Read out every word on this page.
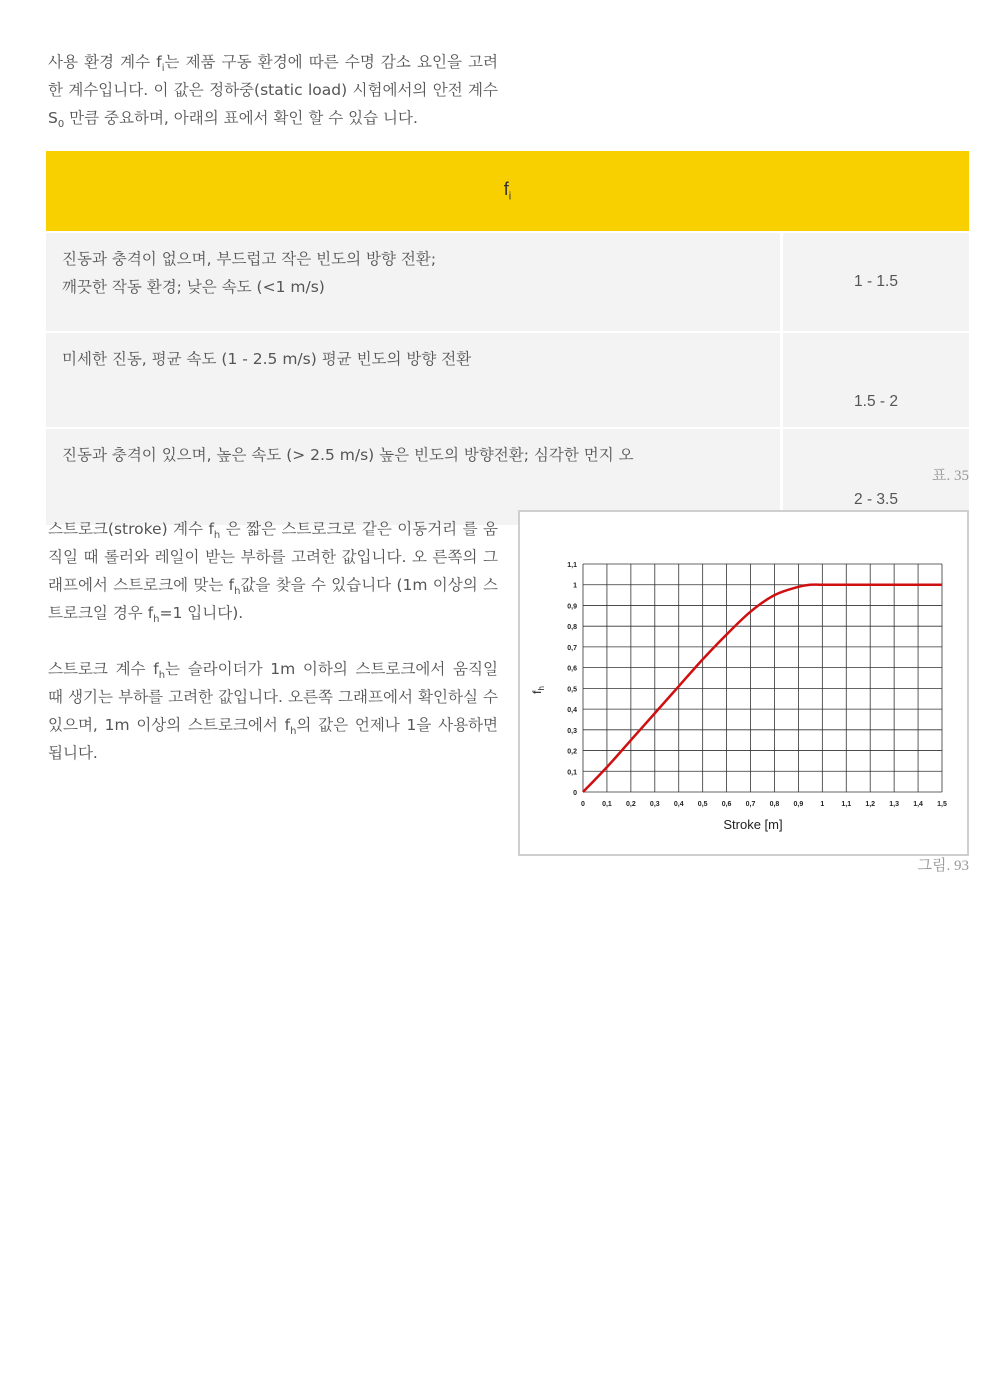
사용 환경 계수 $f_i$는 제품 구동 환경에 따른 수명 감소 요인을 고려한 계수입니다. 이 값은 정하중(static load) 시험에서의 안전 계수 $S_0$ 만큼 중요하며, 아래의 표에서 확인 할 수 있습 니다.

$f_i$

진동과 충격이 없으며, 부드럽고 작은 빈도의 방향 전환;
깨끗한 작동 환경; 낮은 속도 (<1 m/s)	1 - 1.5

미세한 진동, 평균 속도 (1 - 2.5 m/s) 평균 빈도의 방향 전환	1.5 - 2

진동과 충격이 있으며, 높은 속도 (> 2.5 m/s) 높은 빈도의 방향전환; 심각한 먼지 오	2 - 3.5
표. 35

스트로크(stroke) 계수 $f_h$ 은 짧은 스트로크로 같은 이동거리 를 움직일 때 롤러와 레일이 받는 부하를 고려한 값입니다. 오 른쪽의 그래프에서 스트로크에 맞는 $f_h$값을 찾을 수 있습니다 (1m 이상의 스트로크일 경우 $f_h=1$ 입니다).

스트로크 계수 $f_h$는 슬라이더가 1m 이하의 스트로크에서 움직일 때 생기는 부하를 고려한 값입니다. 오른쪽 그래프에서 확인하실 수 있으며, 1m 이상의 스트로크에서 $f_h$의 값은 언제나 1을 사용하면 됩니다.

0 0,1 0,2 0,3 0,4 0,5 0,6 0,7 0,8 0,9 1 1,1 1,2 1,3 1,4 1,5
0
0,1
0,2
0,3
0,4
0,5
0,6
0,7
0,8
0,9
1
1,1
Stroke [m]
$f_h$
그림. 93
